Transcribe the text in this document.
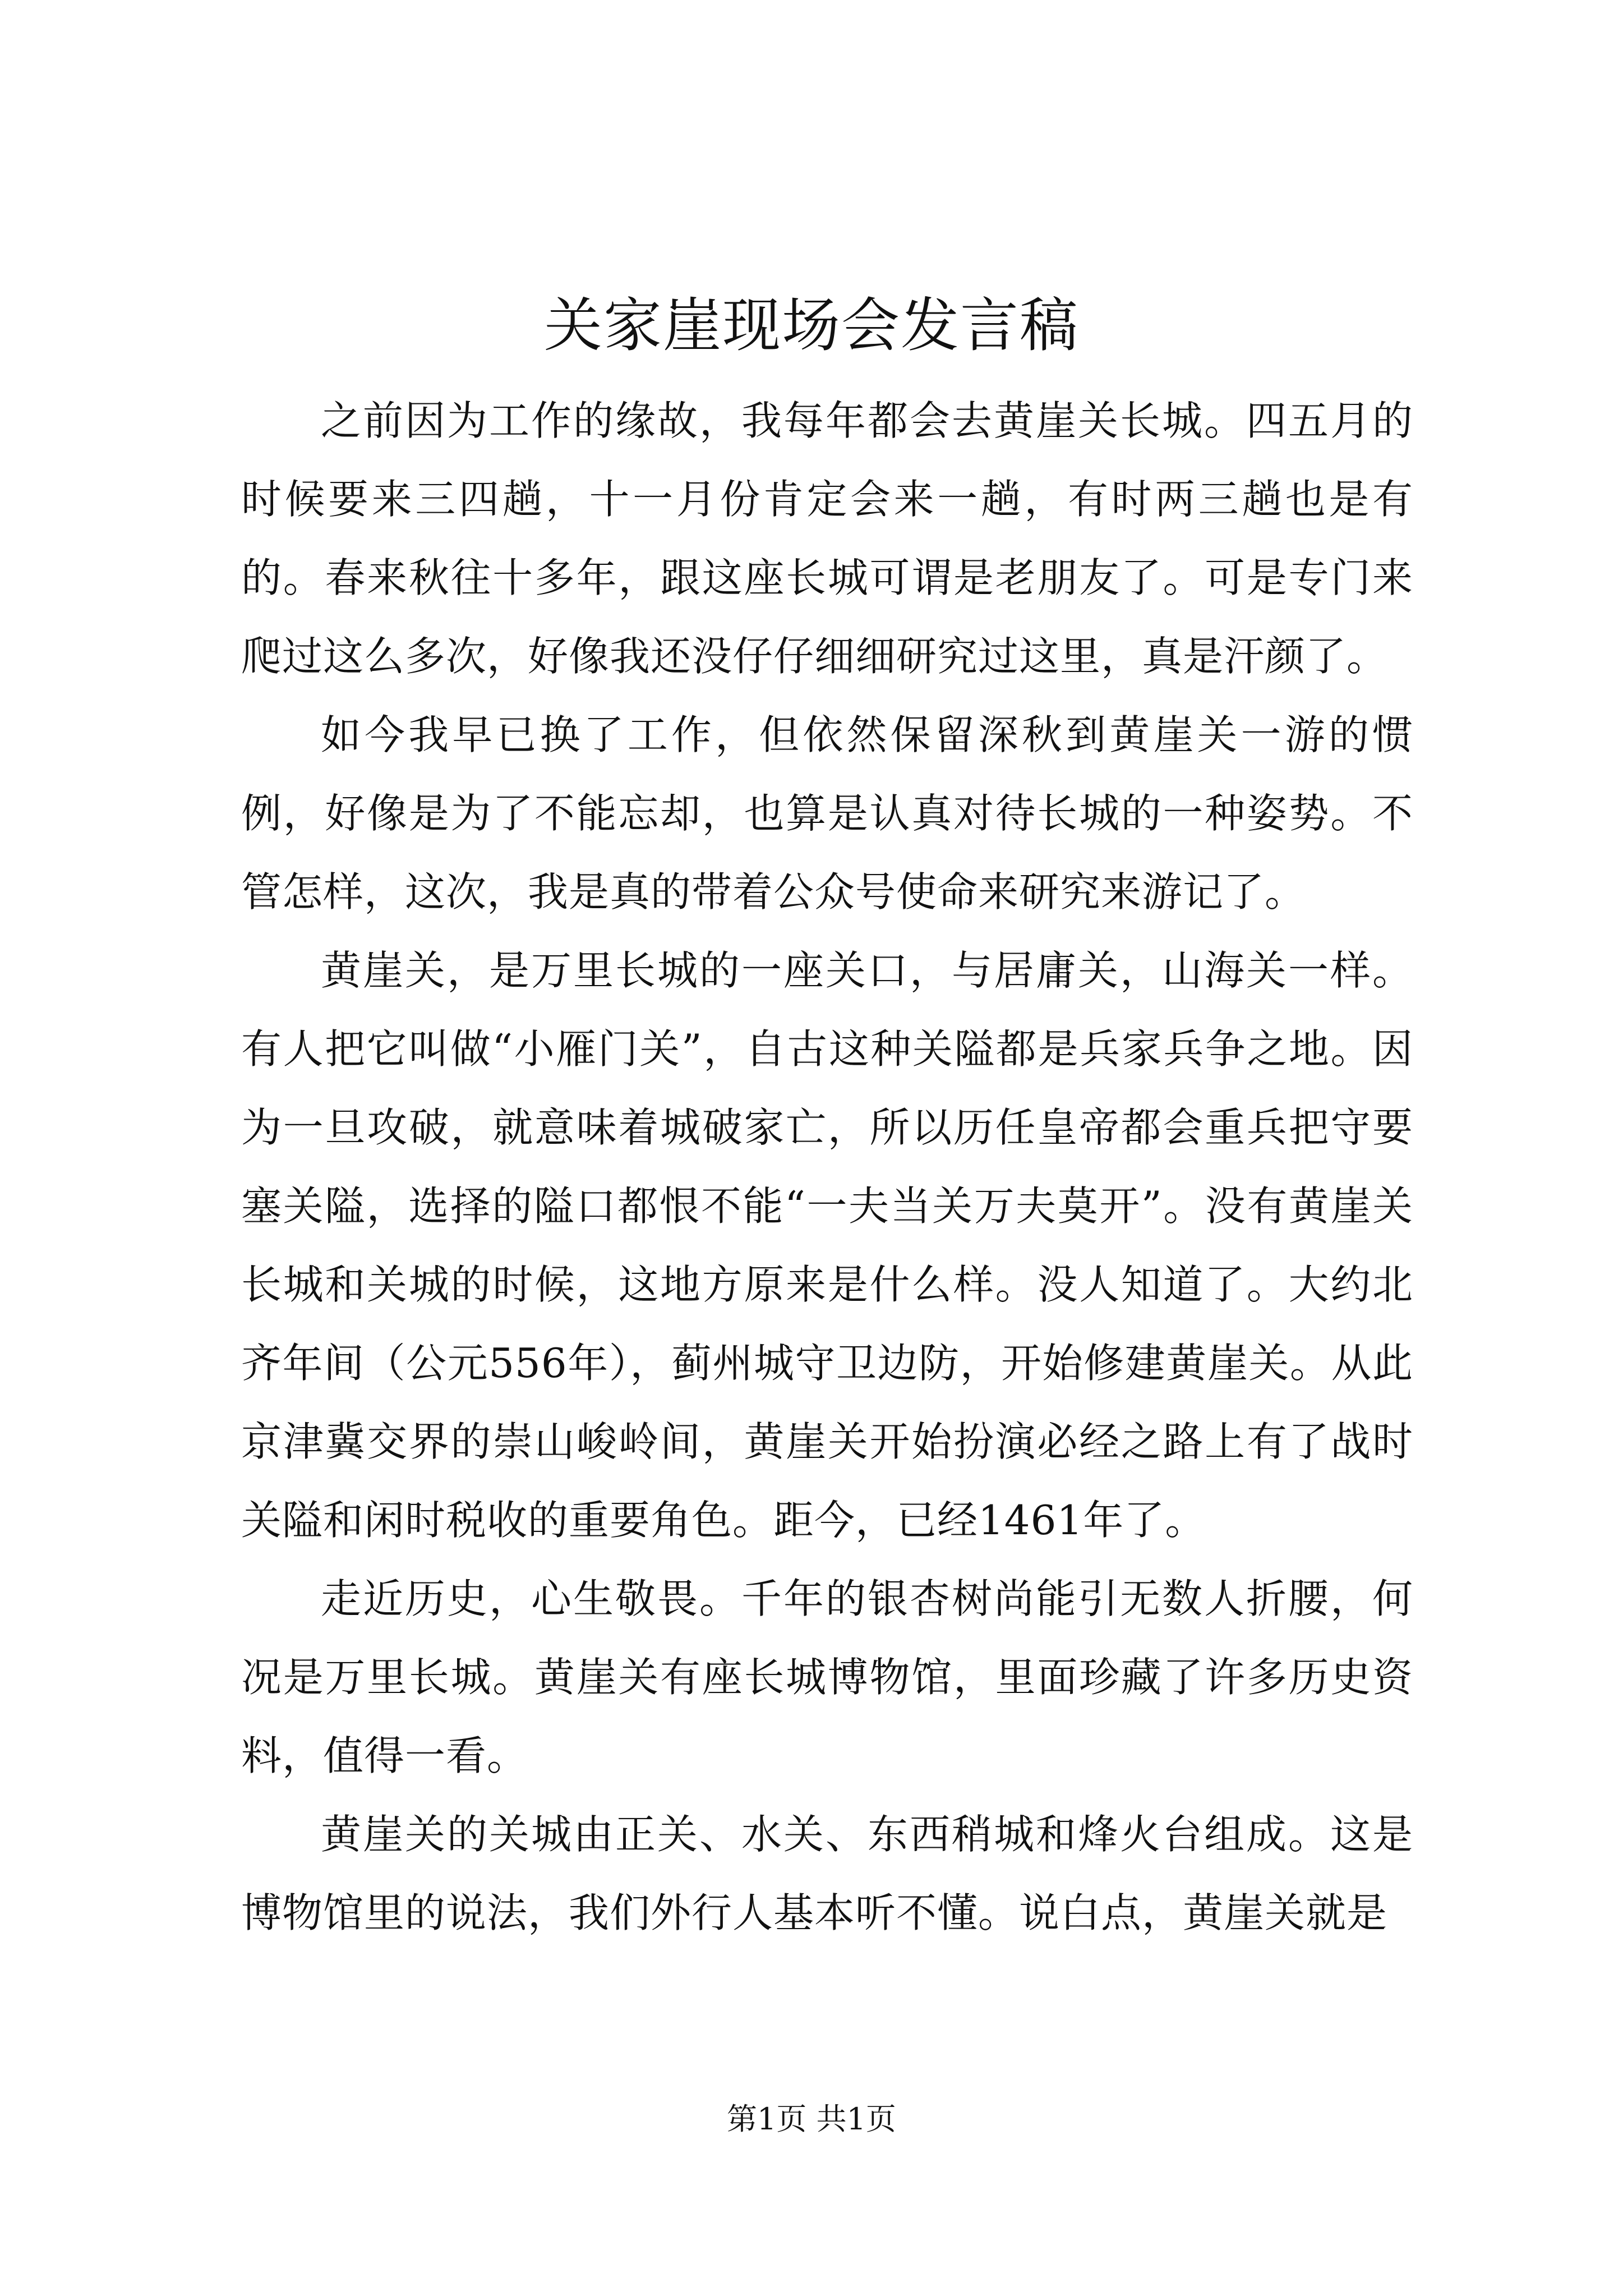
关家崖现场会发言稿

之前因为工作的缘故，我每年都会去黄崖关长城。四五月的时候要来三四趟，十一月份肯定会来一趟，有时两三趟也是有的。春来秋往十多年，跟这座长城可谓是老朋友了。可是专门来爬过这么多次，好像我还没仔仔细细研究过这里，真是汗颜了。

如今我早已换了工作，但依然保留深秋到黄崖关一游的惯例，好像是为了不能忘却，也算是认真对待长城的一种姿势。不管怎样，这次，我是真的带着公众号使命来研究来游记了。

黄崖关，是万里长城的一座关口，与居庸关，山海关一样。有人把它叫做“小雁门关”，自古这种关隘都是兵家兵争之地。因为一旦攻破，就意味着城破家亡，所以历任皇帝都会重兵把守要塞关隘，选择的隘口都恨不能“一夫当关万夫莫开”。没有黄崖关长城和关城的时候，这地方原来是什么样。没人知道了。大约北齐年间（公元556年），蓟州城守卫边防，开始修建黄崖关。从此京津冀交界的崇山峻岭间，黄崖关开始扮演必经之路上有了战时关隘和闲时税收的重要角色。距今，已经1461年了。

走近历史，心生敬畏。千年的银杏树尚能引无数人折腰，何况是万里长城。黄崖关有座长城博物馆，里面珍藏了许多历史资料，值得一看。

黄崖关的关城由正关、水关、东西稍城和烽火台组成。这是博物馆里的说法，我们外行人基本听不懂。说白点，黄崖关就是

第1页 共1页
